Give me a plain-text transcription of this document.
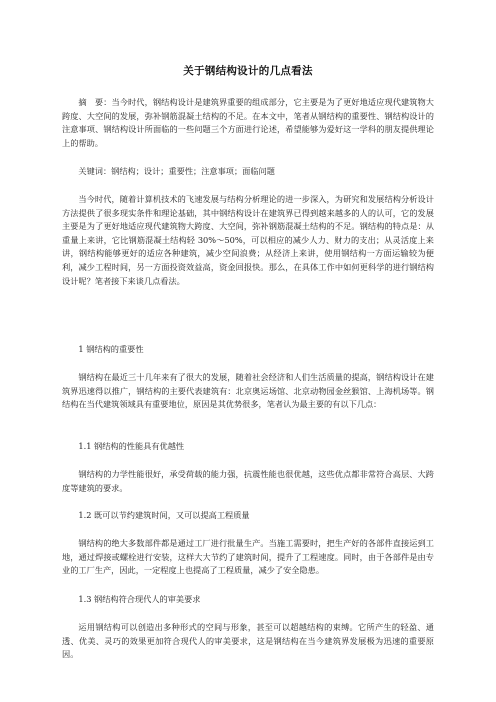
关于钢结构设计的几点看法

摘　要：当今时代，钢结构设计是建筑界重要的组成部分，它主要是为了更好地适应现代建筑物大跨度、大空间的发展，弥补钢筋混凝土结构的不足。在本文中，笔者从钢结构的重要性、钢结构设计的注意事项、钢结构设计所面临的一些问题三个方面进行论述，希望能够为爱好这一学科的朋友提供理论上的帮助。

关键词：钢结构；设计；重要性；注意事项；面临问题

当今时代，随着计算机技术的飞速发展与结构分析理论的进一步深入，为研究和发展结构分析设计方法提供了很多现实条件和理论基础，其中钢结构设计在建筑界已得到越来越多的人的认可，它的发展主要是为了更好地适应现代建筑物大跨度、大空间，弥补钢筋混凝土结构的不足。钢结构的特点是：从重量上来讲，它比钢筋混凝土结构轻 30%～50%，可以相应的减少人力、财力的支出；从灵活度上来讲，钢结构能够更好的适应各种建筑，减少空间浪费；从经济上来讲，使用钢结构一方面运输较为便利，减少工程时间，另一方面投资效益高，资金回报快。那么，在具体工作中如何更科学的进行钢结构设计呢？笔者接下来谈几点看法。

1 钢结构的重要性

钢结构在最近三十几年来有了很大的发展，随着社会经济和人们生活质量的提高，钢结构设计在建筑界迅速得以推广，钢结构的主要代表建筑有：北京奥运场馆、北京动物园金丝猴馆、上海机场等。钢结构在当代建筑领域具有重要地位，原因是其优势很多，笔者认为最主要的有以下几点：

1.1 钢结构的性能具有优越性

钢结构的力学性能很好，承受荷载的能力强，抗震性能也很优越，这些优点都非常符合高层、大跨度等建筑的要求。

1.2 既可以节约建筑时间，又可以提高工程质量

钢结构的绝大多数部件都是通过工厂进行批量生产。当施工需要时，把生产好的各部件直接运到工地，通过焊接或螺栓进行安装，这样大大节约了建筑时间，提升了工程速度。同时，由于各部件是由专业的工厂生产，因此，一定程度上也提高了工程质量，减少了安全隐患。

1.3 钢结构符合现代人的审美要求

运用钢结构可以创造出多种形式的空间与形象，甚至可以超越结构的束缚。它所产生的轻盈、通透、优美、灵巧的效果更加符合现代人的审美要求，这是钢结构在当今建筑界发展极为迅速的重要原因。
